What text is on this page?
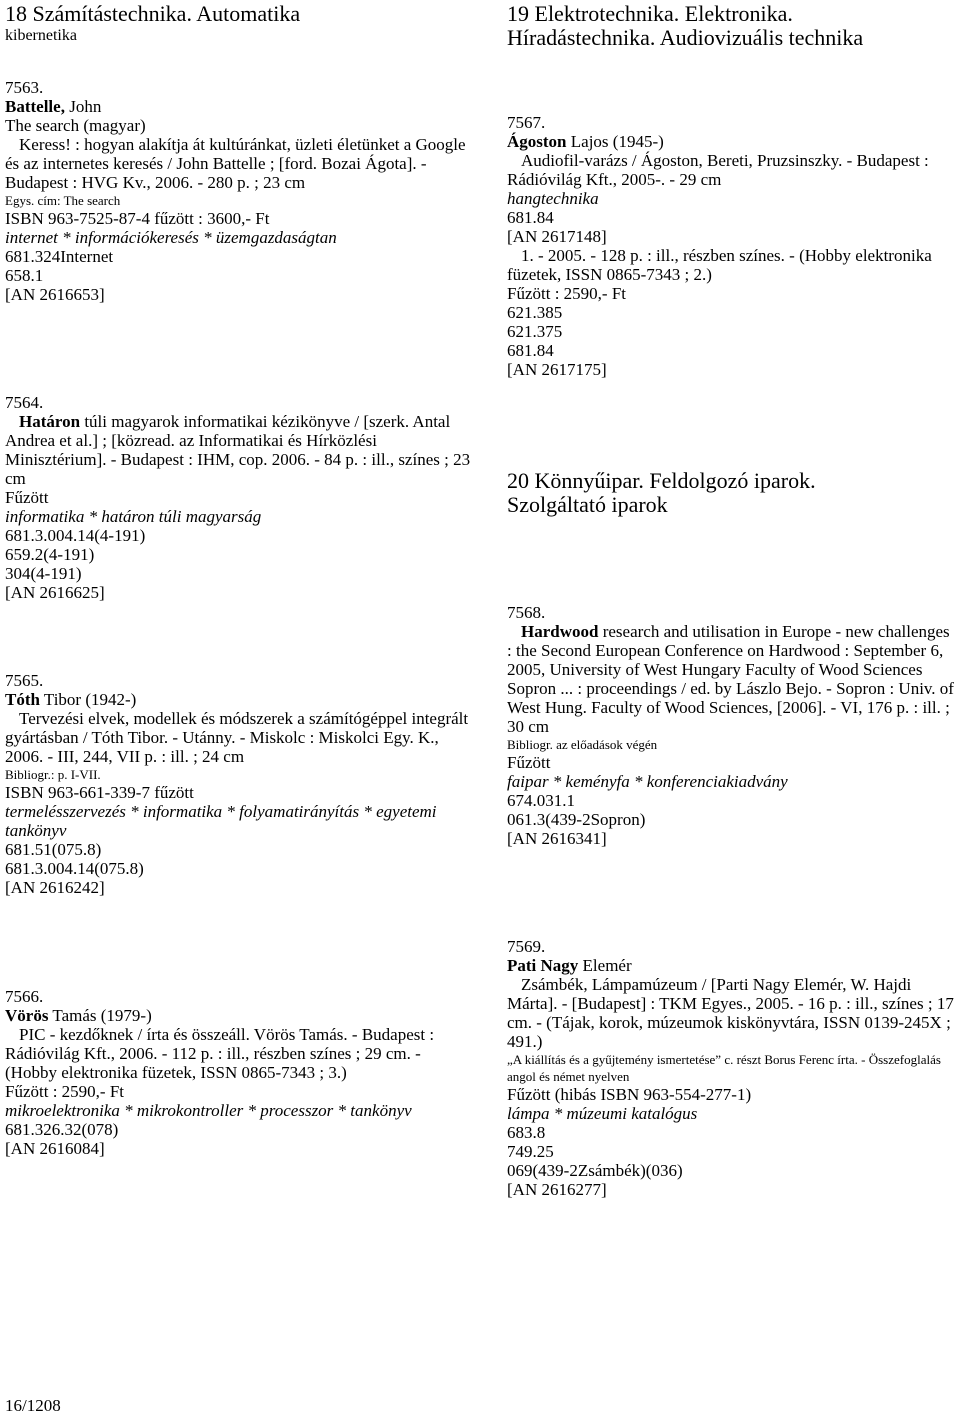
18 Számítástechnika. Automatika
kibernetika
7563.
Battelle, John
The search (magyar)
Keress! : hogyan alakítja át kultúránkat, üzleti életünket a Google és az internetes keresés / John Battelle ; [ford. Bozai Ágota]. - Budapest : HVG Kv., 2006. - 280 p. ; 23 cm
Egys. cím: The search
ISBN 963-7525-87-4 fűzött : 3600,- Ft
internet * információkeresés * üzemgazdaságtan
681.324Internet
658.1
[AN 2616653]
7564.
Határon túli magyarok informatikai kézikönyve / [szerk. Antal Andrea et al.] ; [közread. az Informatikai és Hírközlési Minisztérium]. - Budapest : IHM, cop. 2006. - 84 p. : ill., színes ; 23 cm
Fűzött
informatika * határon túli magyarság
681.3.004.14(4-191)
659.2(4-191)
304(4-191)
[AN 2616625]
7565.
Tóth Tibor (1942-)
Tervezési elvek, modellek és módszerek a számítógéppel integrált gyártásban / Tóth Tibor. - Utánny. - Miskolc : Miskolci Egy. K., 2006. - III, 244, VII p. : ill. ; 24 cm
Bibliogr.: p. I-VII.
ISBN 963-661-339-7 fűzött
termelésszervezés * informatika * folyamatirányítás * egyetemi tankönyv
681.51(075.8)
681.3.004.14(075.8)
[AN 2616242]
7566.
Vörös Tamás (1979-)
PIC - kezdőknek / írta és összeáll. Vörös Tamás. - Budapest : Rádióvilág Kft., 2006. - 112 p. : ill., részben színes ; 29 cm. - (Hobby elektronika füzetek, ISSN 0865-7343 ; 3.)
Fűzött : 2590,- Ft
mikroelektronika * mikrokontroller * processzor * tankönyv
681.326.32(078)
[AN 2616084]
19 Elektrotechnika. Elektronika.
Híradástechnika. Audiovizuális technika
7567.
Ágoston Lajos (1945-)
Audiofil-varázs / Ágoston, Bereti, Pruzsinszky. - Budapest : Rádióvilág Kft., 2005-. - 29 cm
hangtechnika
681.84
[AN 2617148]
1. - 2005. - 128 p. : ill., részben színes. - (Hobby elektronika füzetek, ISSN 0865-7343 ; 2.)
Fűzött : 2590,- Ft
621.385
621.375
681.84
[AN 2617175]
20 Könnyűipar. Feldolgozó iparok.
Szolgáltató iparok
7568.
Hardwood research and utilisation in Europe - new challenges : the Second European Conference on Hardwood : September 6, 2005, University of West Hungary Faculty of Wood Sciences Sopron ... : proceendings / ed. by Lászlo Bejo. - Sopron : Univ. of West Hung. Faculty of Wood Sciences, [2006]. - VI, 176 p. : ill. ; 30 cm
Bibliogr. az előadások végén
Fűzött
faipar * keményfa * konferenciakiadvány
674.031.1
061.3(439-2Sopron)
[AN 2616341]
7569.
Pati Nagy Elemér
Zsámbék, Lámpamúzeum / [Parti Nagy Elemér, W. Hajdi Márta]. - [Budapest] : TKM Egyes., 2005. - 16 p. : ill., színes ; 17 cm. - (Tájak, korok, múzeumok kiskönyvtára, ISSN 0139-245X ; 491.)
„A kiállítás és a gyűjtemény ismertetése” c. részt Borus Ferenc írta. - Összefoglalás angol és német nyelven
Fűzött (hibás ISBN 963-554-277-1)
lámpa * múzeumi katalógus
683.8
749.25
069(439-2Zsámbék)(036)
[AN 2616277]
16/1208
